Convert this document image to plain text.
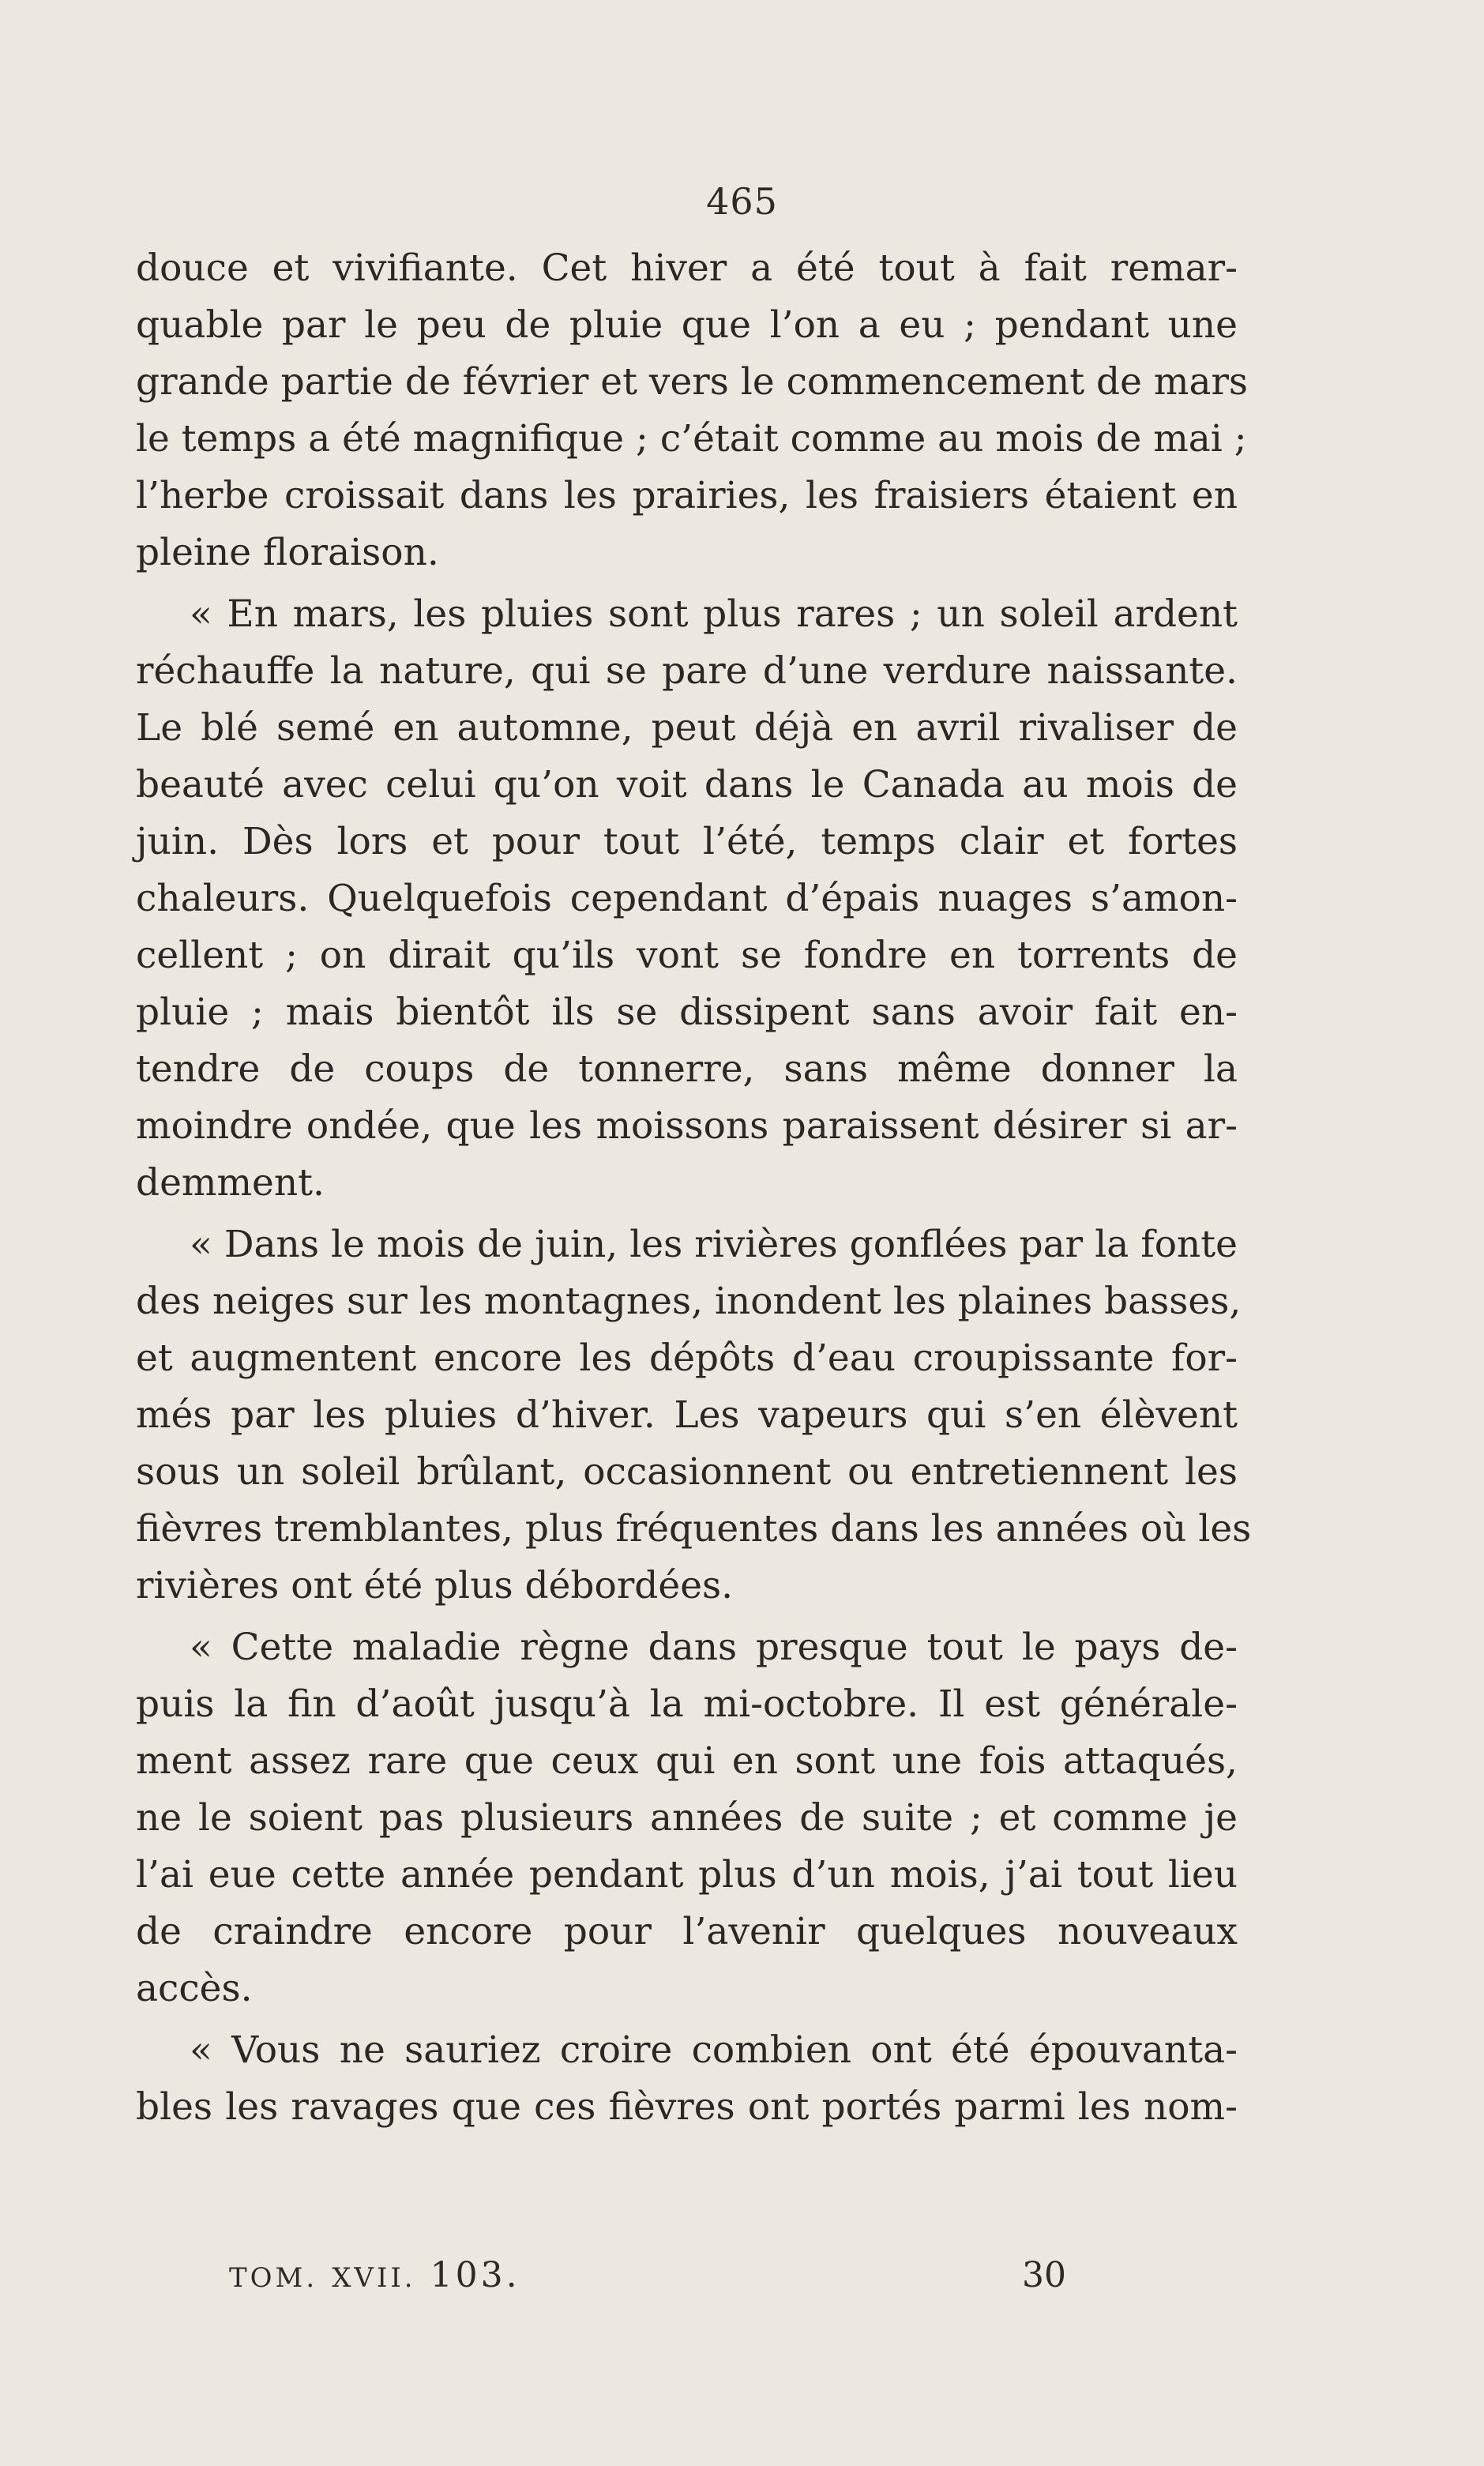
465
douce et vivifiante. Cet hiver a été tout à fait remar-
quable par le peu de pluie que l’on a eu ; pendant une
grande partie de février et vers le commencement de mars
le temps a été magnifique ; c’était comme au mois de mai ;
l’herbe croissait dans les prairies, les fraisiers étaient en
pleine floraison.
« En mars, les pluies sont plus rares ; un soleil ardent
réchauffe la nature, qui se pare d’une verdure naissante.
Le blé semé en automne, peut déjà en avril rivaliser de
beauté avec celui qu’on voit dans le Canada au mois de
juin. Dès lors et pour tout l’été, temps clair et fortes
chaleurs. Quelquefois cependant d’épais nuages s’amon-
cellent ; on dirait qu’ils vont se fondre en torrents de
pluie ; mais bientôt ils se dissipent sans avoir fait en-
tendre de coups de tonnerre, sans même donner la
moindre ondée, que les moissons paraissent désirer si ar-
demment.
« Dans le mois de juin, les rivières gonflées par la fonte
des neiges sur les montagnes, inondent les plaines basses,
et augmentent encore les dépôts d’eau croupissante for-
més par les pluies d’hiver. Les vapeurs qui s’en élèvent
sous un soleil brûlant, occasionnent ou entretiennent les
fièvres tremblantes, plus fréquentes dans les années où les
rivières ont été plus débordées.
« Cette maladie règne dans presque tout le pays de-
puis la fin d’août jusqu’à la mi-octobre. Il est générale-
ment assez rare que ceux qui en sont une fois attaqués,
ne le soient pas plusieurs années de suite ; et comme je
l’ai eue cette année pendant plus d’un mois, j’ai tout lieu
de craindre encore pour l’avenir quelques nouveaux
accès.
« Vous ne sauriez croire combien ont été épouvanta-
bles les ravages que ces fièvres ont portés parmi les nom-
TOM. XVII. 103.	30
